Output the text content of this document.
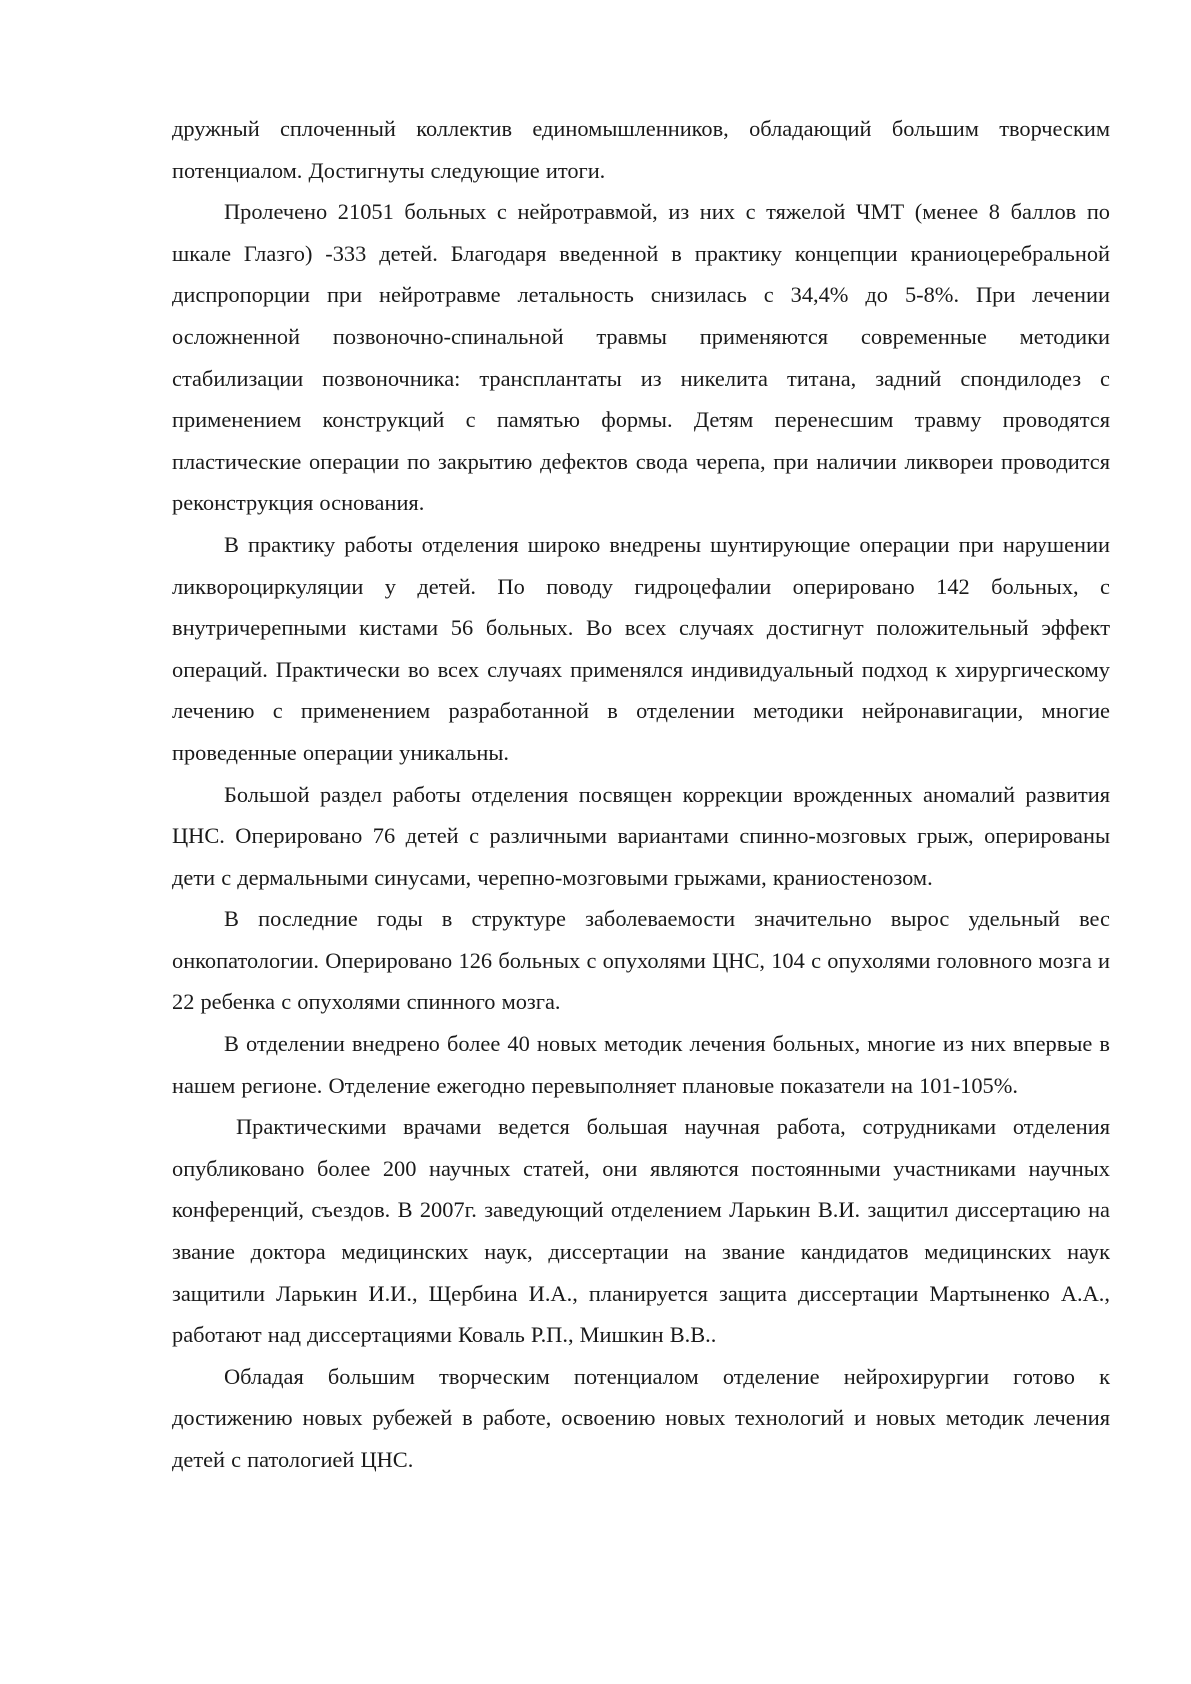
дружный сплоченный коллектив единомышленников, обладающий большим творческим потенциалом. Достигнуты следующие итоги.

Пролечено 21051 больных с нейротравмой, из них с тяжелой ЧМТ (менее 8 баллов по шкале Глазго) -333 детей. Благодаря введенной в практику концепции краниоцеребральной диспропорции при нейротравме летальность снизилась с 34,4% до 5-8%. При лечении осложненной позвоночно-спинальной травмы применяются современные методики стабилизации позвоночника: трансплантаты из никелита титана, задний спондилодез с применением конструкций с памятью формы. Детям перенесшим травму проводятся пластические операции по закрытию дефектов свода черепа, при наличии ликвореи проводится реконструкция основания.

В практику работы отделения широко внедрены шунтирующие операции при нарушении ликвороциркуляции у детей. По поводу гидроцефалии оперировано 142 больных, с внутричерепными кистами 56 больных. Во всех случаях достигнут положительный эффект операций. Практически во всех случаях применялся индивидуальный подход к хирургическому лечению с применением разработанной в отделении методики нейронавигации, многие проведенные операции уникальны.

Большой раздел работы отделения посвящен коррекции врожденных аномалий развития ЦНС. Оперировано 76 детей с различными вариантами спинно-мозговых грыж, оперированы дети с дермальными синусами, черепно-мозговыми грыжами, краниостенозом.

В последние годы в структуре заболеваемости значительно вырос удельный вес онкопатологии. Оперировано 126 больных с опухолями ЦНС, 104 с опухолями головного мозга и 22 ребенка с опухолями спинного мозга.

В отделении внедрено более 40 новых методик лечения больных, многие из них впервые в нашем регионе. Отделение ежегодно перевыполняет плановые показатели на 101-105%.

Практическими врачами ведется большая научная работа, сотрудниками отделения опубликовано более 200 научных статей, они являются постоянными участниками научных конференций, съездов. В 2007г. заведующий отделением Ларькин В.И. защитил диссертацию на звание доктора медицинских наук, диссертации на звание кандидатов медицинских наук защитили Ларькин И.И., Щербина И.А., планируется защита диссертации Мартыненко А.А., работают над диссертациями Коваль Р.П., Мишкин В.В..

Обладая большим творческим потенциалом отделение нейрохирургии готово к достижению новых рубежей в работе, освоению новых технологий и новых методик лечения детей с патологией ЦНС.
